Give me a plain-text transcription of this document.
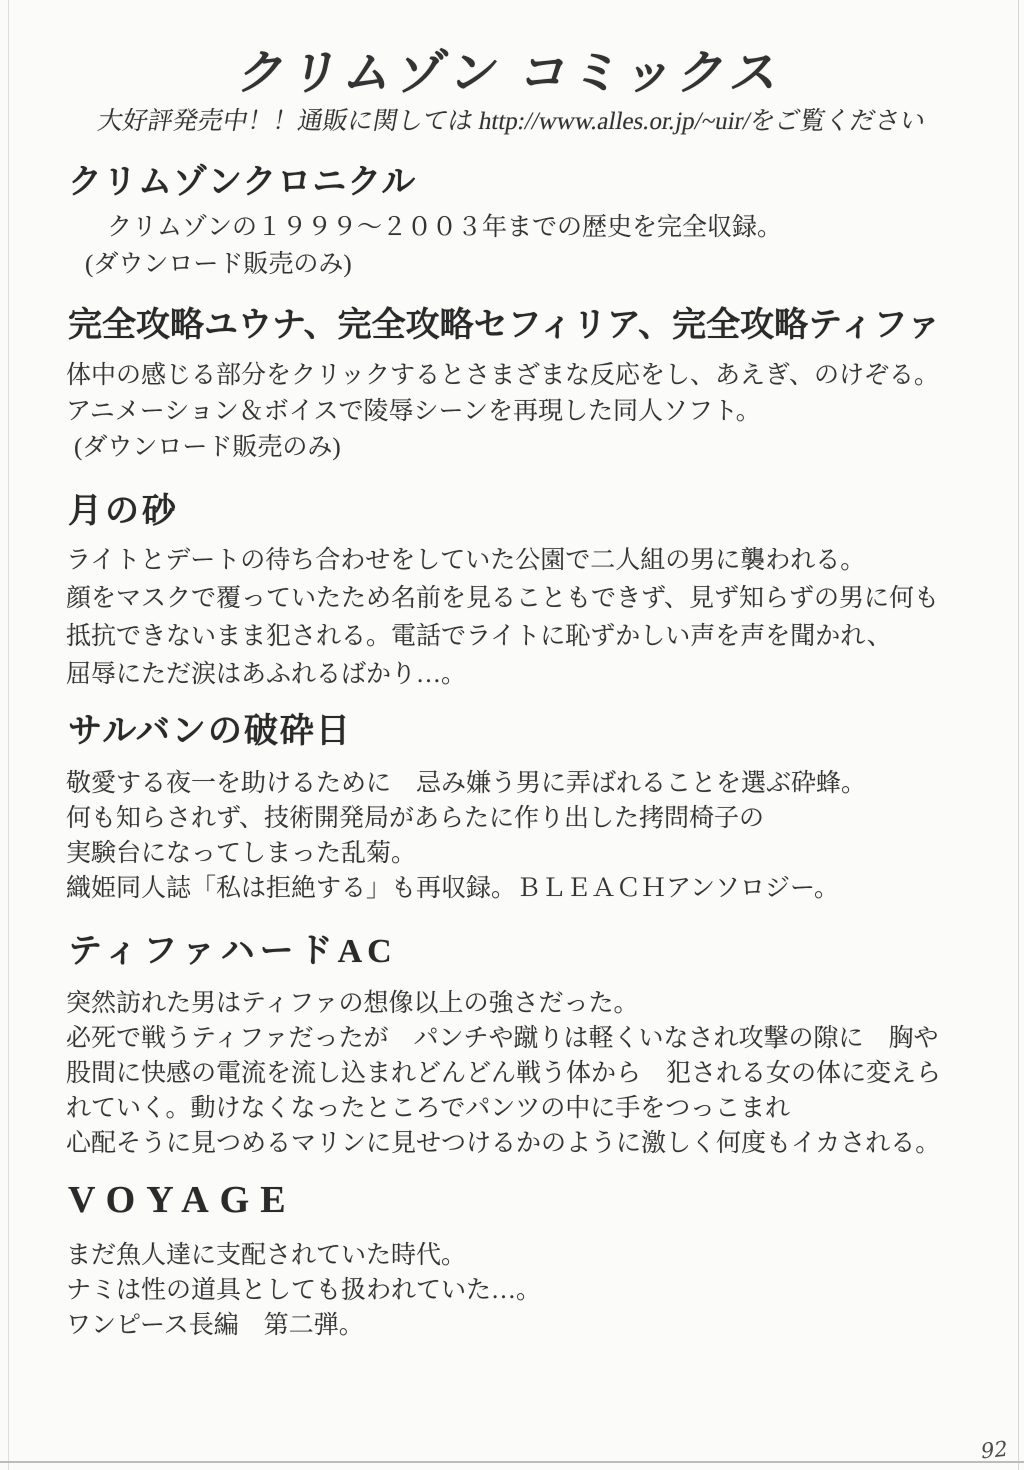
クリムゾン コミックス
大好評発売中！！通販に関しては http://www.alles.or.jp/~uir/をご覧ください
クリムゾンクロニクル
クリムゾンの１９９９～２００３年までの歴史を完全収録。
(ダウンロード販売のみ)
完全攻略ユウナ、完全攻略セフィリア、完全攻略ティファ
体中の感じる部分をクリックするとさまざまな反応をし、あえぎ、のけぞる。
アニメーション＆ボイスで陵辱シーンを再現した同人ソフト。
(ダウンロード販売のみ)
月の砂
ライトとデートの待ち合わせをしていた公園で二人組の男に襲われる。
顔をマスクで覆っていたため名前を見ることもできず、見ず知らずの男に何も
抵抗できないまま犯される。電話でライトに恥ずかしい声を声を聞かれ、
屈辱にただ涙はあふれるばかり…。
サルバンの破砕日
敬愛する夜一を助けるために　忌み嫌う男に弄ばれることを選ぶ砕蜂。
何も知らされず、技術開発局があらたに作り出した拷問椅子の
実験台になってしまった乱菊。
織姫同人誌「私は拒絶する」も再収録。ＢＬＥＡＣＨアンソロジー。
ティファハードAC
突然訪れた男はティファの想像以上の強さだった。
必死で戦うティファだったが　パンチや蹴りは軽くいなされ攻撃の隙に　胸や
股間に快感の電流を流し込まれどんどん戦う体から　犯される女の体に変えら
れていく。動けなくなったところでパンツの中に手をつっこまれ
心配そうに見つめるマリンに見せつけるかのように激しく何度もイカされる。
VOYAGE
まだ魚人達に支配されていた時代。
ナミは性の道具としても扱われていた…。
ワンピース長編　第二弾。
92
